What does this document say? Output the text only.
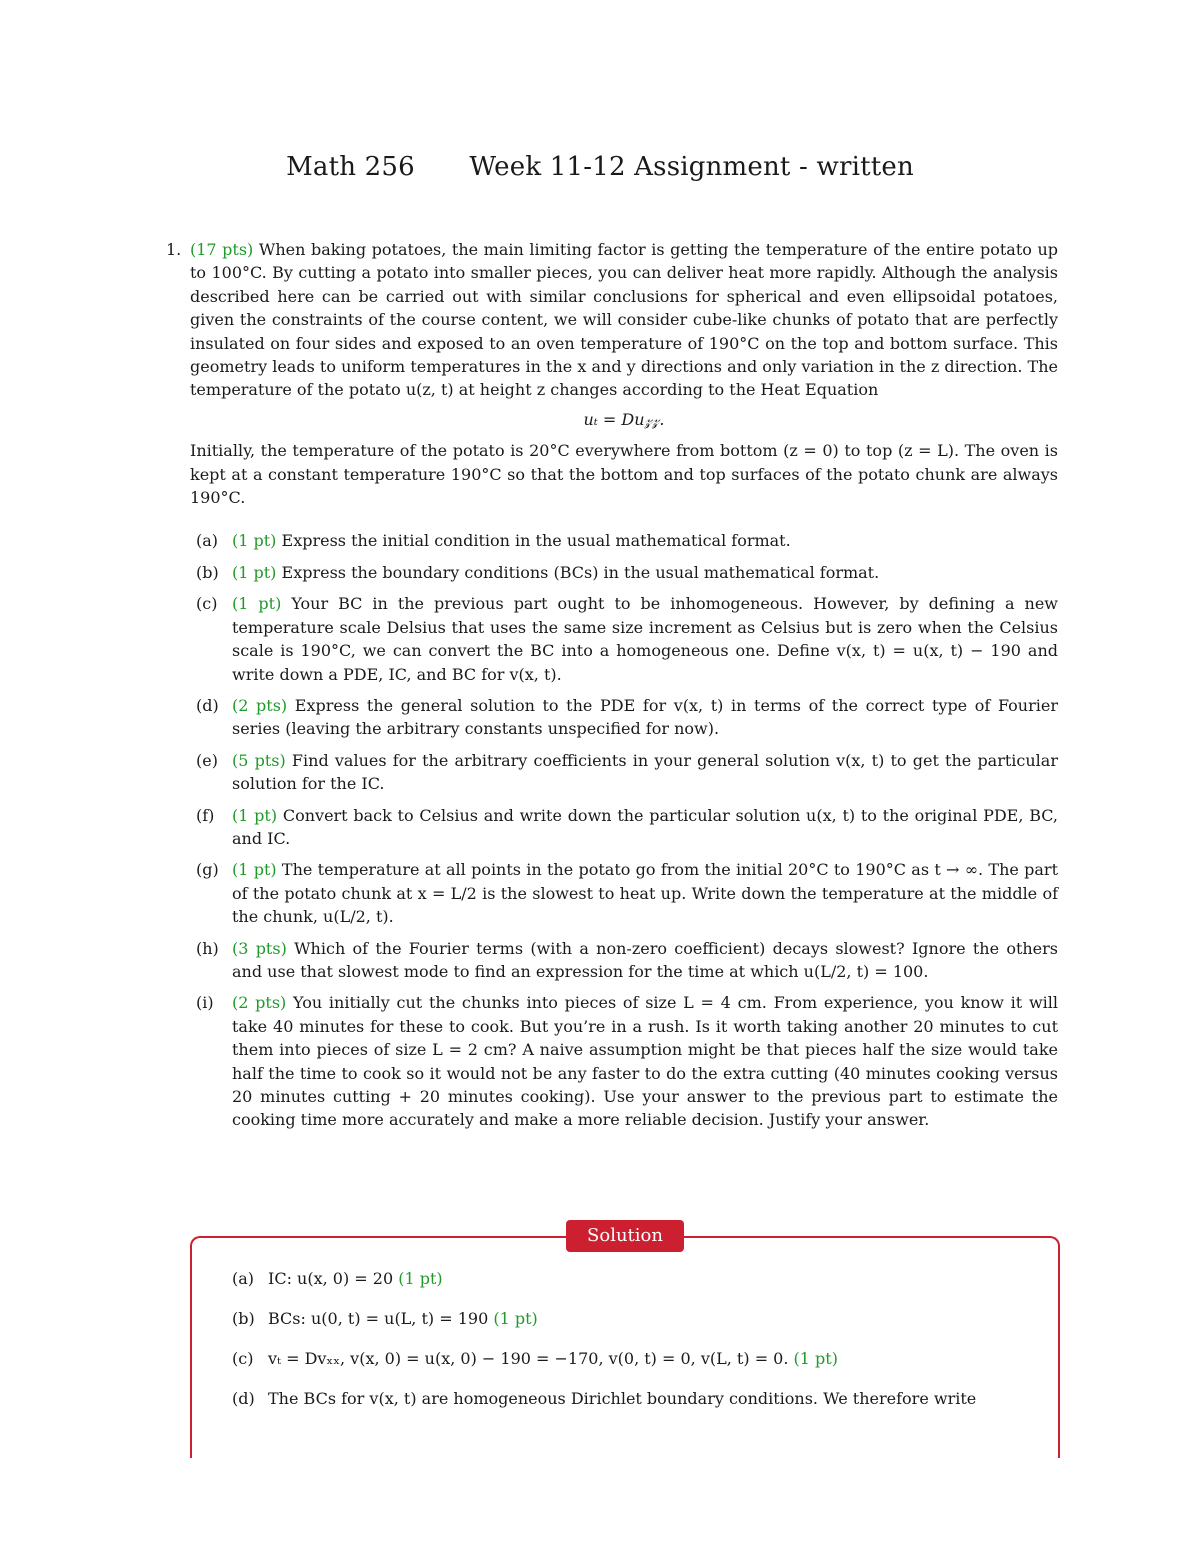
Math 256 Week 11-12 Assignment - written
1. (17 pts) When baking potatoes, the main limiting factor is getting the temperature of the entire potato up to 100°C. By cutting a potato into smaller pieces, you can deliver heat more rapidly. Although the analysis described here can be carried out with similar conclusions for spherical and even ellipsoidal potatoes, given the constraints of the course content, we will consider cube-like chunks of potato that are perfectly insulated on four sides and exposed to an oven temperature of 190°C on the top and bottom surface. This geometry leads to uniform temperatures in the x and y directions and only variation in the z direction. The temperature of the potato u(z, t) at height z changes according to the Heat Equation

uₜ = Du𝓏𝓏.

Initially, the temperature of the potato is 20°C everywhere from bottom (z = 0) to top (z = L). The oven is kept at a constant temperature 190°C so that the bottom and top surfaces of the potato chunk are always 190°C.

(a) (1 pt) Express the initial condition in the usual mathematical format.
(b) (1 pt) Express the boundary conditions (BCs) in the usual mathematical format.
(c) (1 pt) Your BC in the previous part ought to be inhomogeneous. However, by defining a new temperature scale Delsius that uses the same size increment as Celsius but is zero when the Celsius scale is 190°C, we can convert the BC into a homogeneous one. Define v(x, t) = u(x, t) − 190 and write down a PDE, IC, and BC for v(x, t).
(d) (2 pts) Express the general solution to the PDE for v(x, t) in terms of the correct type of Fourier series (leaving the arbitrary constants unspecified for now).
(e) (5 pts) Find values for the arbitrary coefficients in your general solution v(x, t) to get the particular solution for the IC.
(f) (1 pt) Convert back to Celsius and write down the particular solution u(x, t) to the original PDE, BC, and IC.
(g) (1 pt) The temperature at all points in the potato go from the initial 20°C to 190°C as t → ∞. The part of the potato chunk at x = L/2 is the slowest to heat up. Write down the temperature at the middle of the chunk, u(L/2, t).
(h) (3 pts) Which of the Fourier terms (with a non-zero coefficient) decays slowest? Ignore the others and use that slowest mode to find an expression for the time at which u(L/2, t) = 100.
(i) (2 pts) You initially cut the chunks into pieces of size L = 4 cm. From experience, you know it will take 40 minutes for these to cook. But you’re in a rush. Is it worth taking another 20 minutes to cut them into pieces of size L = 2 cm? A naive assumption might be that pieces half the size would take half the time to cook so it would not be any faster to do the extra cutting (40 minutes cooking versus 20 minutes cutting + 20 minutes cooking). Use your answer to the previous part to estimate the cooking time more accurately and make a more reliable decision. Justify your answer.
Solution
(a) IC: u(x, 0) = 20 (1 pt)
(b) BCs: u(0, t) = u(L, t) = 190 (1 pt)
(c) vₜ = Dvₓₓ, v(x, 0) = u(x, 0) − 190 = −170, v(0, t) = 0, v(L, t) = 0. (1 pt)
(d) The BCs for v(x, t) are homogeneous Dirichlet boundary conditions. We therefore write
